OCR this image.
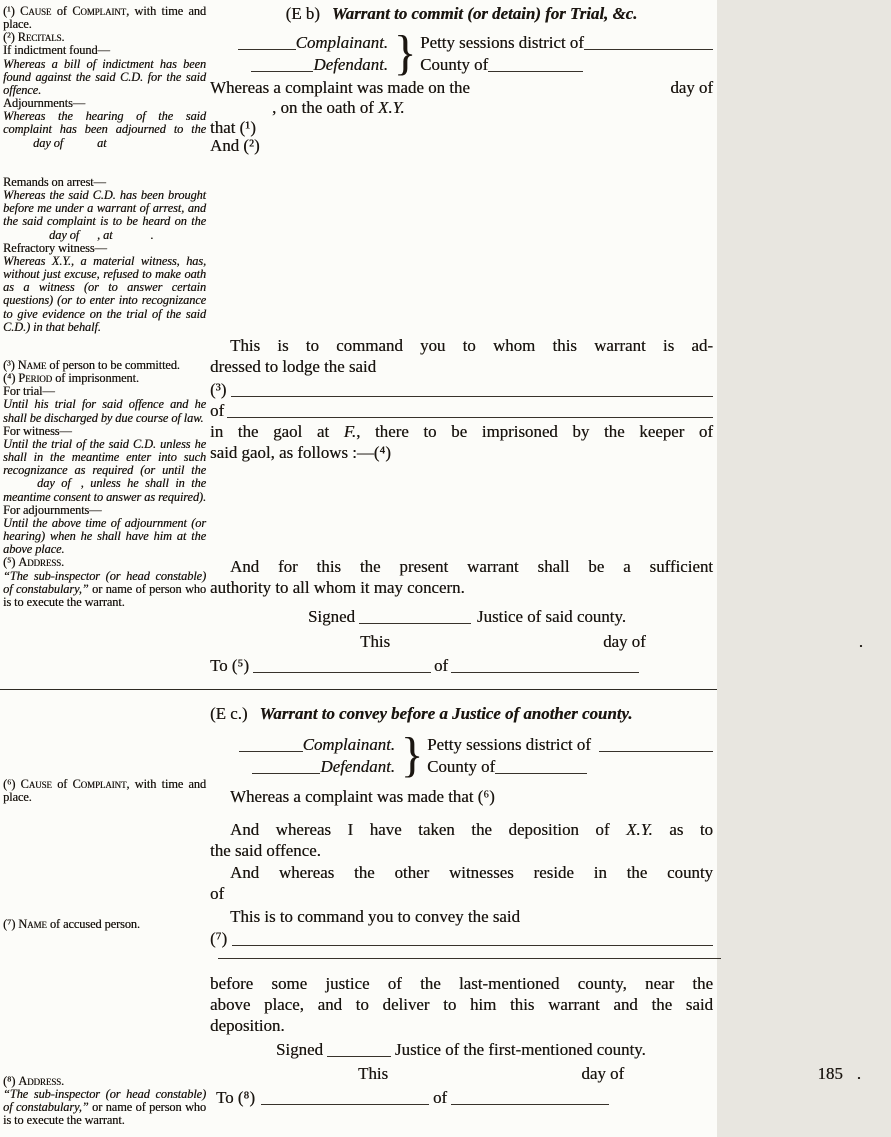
(¹) Cause of Complaint, with time and place.

(²) Recitals.

If indictment found—

Whereas a bill of indictment has been found against the said C.D. for the said offence.

Adjournments—

Whereas the hearing of the said complaint has been adjourned to theday of	at

Remands on arrest—

Whereas the said C.D. has been brought before me under a warrant of arrest, and the said complaint is to be heard on theday of , at	.

Refractory witness—

Whereas X.Y., a material witness, has, without just excuse, refused to make oath as a witness (or to answer certain questions) (or to enter into recognizance to give evidence on the trial of the said C.D.) in that behalf.

(³) Name of person to be committed.

(⁴) Period of imprisonment.

For trial—

Until his trial for said offence and he shall be discharged by due course of law.

For witness—

Until the trial of the said C.D. unless he shall in the meantime enter into such recognizance as required (or until theday of , unless he shall in the meantime consent to answer as required).

For adjournments—

Until the above time of adjournment (or hearing) when he shall have him at the above place.

(⁵) Address.

“The sub-inspector (or head constable) of constabulary,” or name of person who is to execute the warrant.

(⁶) Cause of Complaint, with time and place.

(⁷) Name of accused person.

(⁸) Address.

“The sub-inspector (or head constable) of constabulary,” or name of person who is to execute the warrant.

(E b) Warrant to commit (or detain) for Trial, &c.
Complainant.
Defendant. } Petty sessions district of
County of
Whereas a complaint was made on the	day of
, on the oath of X.Y.
that (¹)
And (²)
This is to command you to whom this warrant is ad-
dressed to lodge the said
(³)
of
in the gaol at F., there to be imprisoned by the keeper of
said gaol, as follows :—(⁴)
And for this the present warrant shall be a sufficient
authority to all whom it may concern.
Signed	Justice of said county.
This	day of	.
To (⁵)	of
(E c.) Warrant to convey before a Justice of another county.
Complainant.
Defendant. } Petty sessions district of
County of
Whereas a complaint was made that (⁶)
And whereas I have taken the deposition of X.Y. as to
the said offence.
And whereas the other witnesses reside in the county
of
This is to command you to convey the said
(⁷)
before some justice of the last-mentioned county, near the
above place, and to deliver to him this warrant and the said
deposition.
Signed	Justice of the first-mentioned county.
This	day of	185 .
To (⁸)	of
